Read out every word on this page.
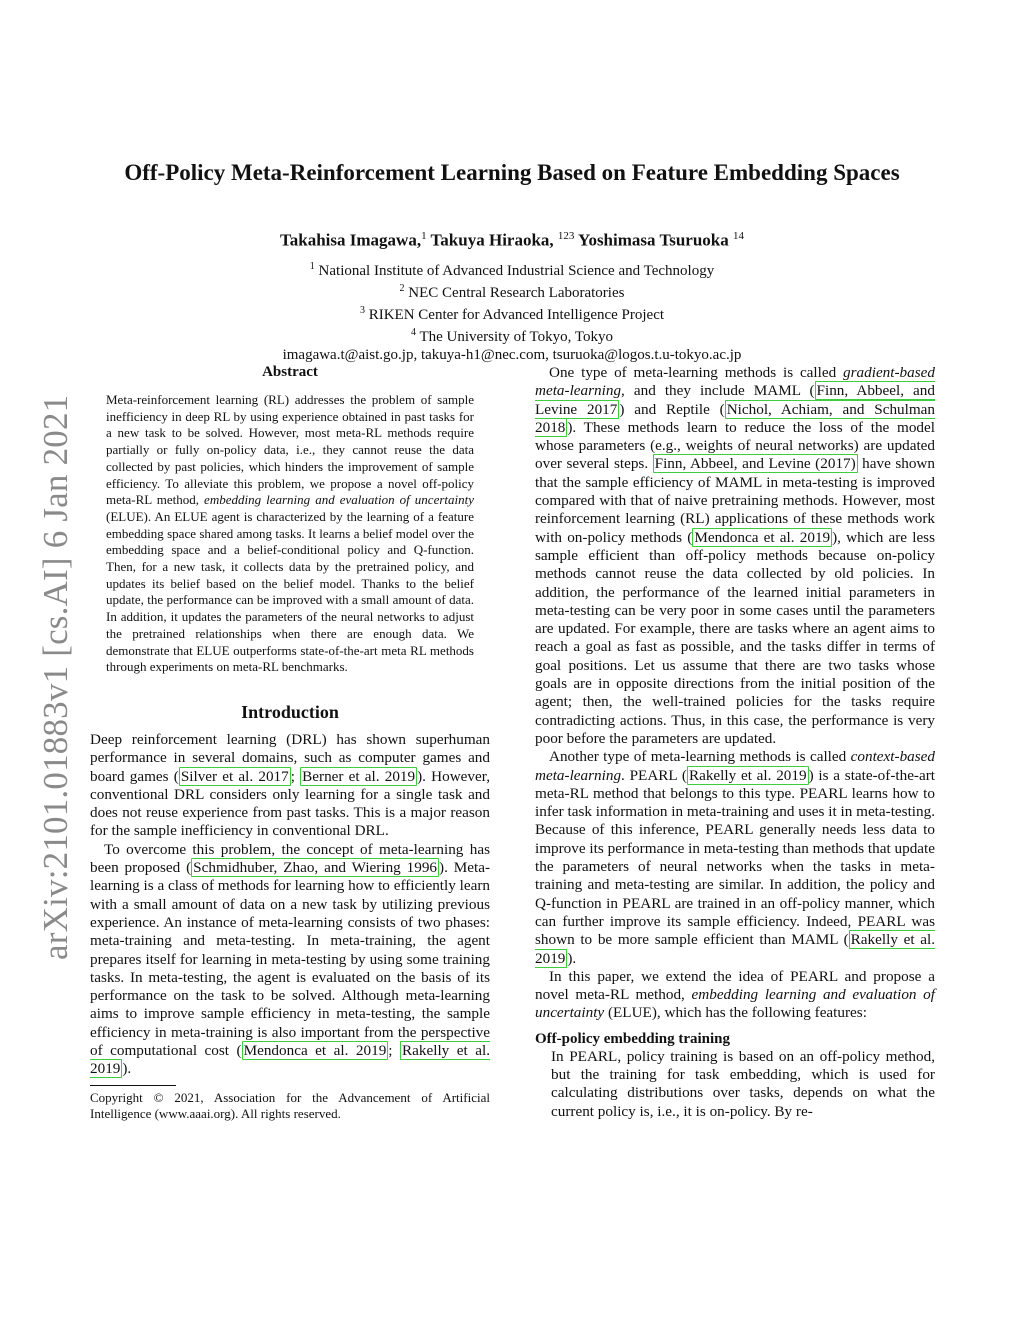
arXiv:2101.01883v1 [cs.AI] 6 Jan 2021
Off-Policy Meta-Reinforcement Learning Based on Feature Embedding Spaces
Takahisa Imagawa,$^1$ Takuya Hiraoka, $^{123}$ Yoshimasa Tsuruoka $^{14}$
$^1$ National Institute of Advanced Industrial Science and Technology
$^2$ NEC Central Research Laboratories
$^3$ RIKEN Center for Advanced Intelligence Project
$^4$ The University of Tokyo, Tokyo
imagawa.t@aist.go.jp, takuya-h1@nec.com, tsuruoka@logos.t.u-tokyo.ac.jp
Abstract
Meta-reinforcement learning (RL) addresses the problem of sample inefficiency in deep RL by using experience obtained in past tasks for a new task to be solved. However, most meta-RL methods require partially or fully on-policy data, i.e., they cannot reuse the data collected by past policies, which hinders the improvement of sample efficiency. To alleviate this problem, we propose a novel off-policy meta-RL method, embedding learning and evaluation of uncertainty (ELUE). An ELUE agent is characterized by the learning of a feature embedding space shared among tasks. It learns a belief model over the embedding space and a belief-conditional policy and Q-function. Then, for a new task, it collects data by the pretrained policy, and updates its belief based on the belief model. Thanks to the belief update, the performance can be improved with a small amount of data. In addition, it updates the parameters of the neural networks to adjust the pretrained relationships when there are enough data. We demonstrate that ELUE outperforms state-of-the-art meta RL methods through experiments on meta-RL benchmarks.
Introduction

Deep reinforcement learning (DRL) has shown superhuman performance in several domains, such as computer games and board games ( Silver et al. 2017 ; Berner et al. 2019 ). However, conventional DRL considers only learning for a single task and does not reuse experience from past tasks. This is a major reason for the sample inefficiency in conventional DRL.

To overcome this problem, the concept of meta-learning has been proposed ( Schmidhuber, Zhao, and Wiering 1996 ). Meta-learning is a class of methods for learning how to efficiently learn with a small amount of data on a new task by utilizing previous experience. An instance of meta-learning consists of two phases: meta-training and meta-testing. In meta-training, the agent prepares itself for learning in meta-testing by using some training tasks. In meta-testing, the agent is evaluated on the basis of its performance on the task to be solved. Although meta-learning aims to improve sample efficiency in meta-testing, the sample efficiency in meta-training is also important from the perspective of computational cost ( Mendonca et al. 2019 ; Rakelly et al. 2019 ).

Copyright © 2021, Association for the Advancement of Artificial Intelligence (www.aaai.org). All rights reserved.

One type of meta-learning methods is called gradient-based meta-learning, and they include MAML ( Finn, Abbeel, and Levine 2017 ) and Reptile ( Nichol, Achiam, and Schulman 2018 ). These methods learn to reduce the loss of the model whose parameters (e.g., weights of neural networks) are updated over several steps. Finn, Abbeel, and Levine (2017) have shown that the sample efficiency of MAML in meta-testing is improved compared with that of naive pretraining methods. However, most reinforcement learning (RL) applications of these methods work with on-policy methods ( Mendonca et al. 2019 ), which are less sample efficient than off-policy methods because on-policy methods cannot reuse the data collected by old policies. In addition, the performance of the learned initial parameters in meta-testing can be very poor in some cases until the parameters are updated. For example, there are tasks where an agent aims to reach a goal as fast as possible, and the tasks differ in terms of goal positions. Let us assume that there are two tasks whose goals are in opposite directions from the initial position of the agent; then, the well-trained policies for the tasks require contradicting actions. Thus, in this case, the performance is very poor before the parameters are updated.

Another type of meta-learning methods is called context-based meta-learning. PEARL ( Rakelly et al. 2019 ) is a state-of-the-art meta-RL method that belongs to this type. PEARL learns how to infer task information in meta-training and uses it in meta-testing. Because of this inference, PEARL generally needs less data to improve its performance in meta-testing than methods that update the parameters of neural networks when the tasks in meta-training and meta-testing are similar. In addition, the policy and Q-function in PEARL are trained in an off-policy manner, which can further improve its sample efficiency. Indeed, PEARL was shown to be more sample efficient than MAML ( Rakelly et al. 2019 ).

In this paper, we extend the idea of PEARL and propose a novel meta-RL method, embedding learning and evaluation of uncertainty (ELUE), which has the following features:

Off-policy embedding training

In PEARL, policy training is based on an off-policy method, but the training for task embedding, which is used for calculating distributions over tasks, depends on what the current policy is, i.e., it is on-policy. By re-
